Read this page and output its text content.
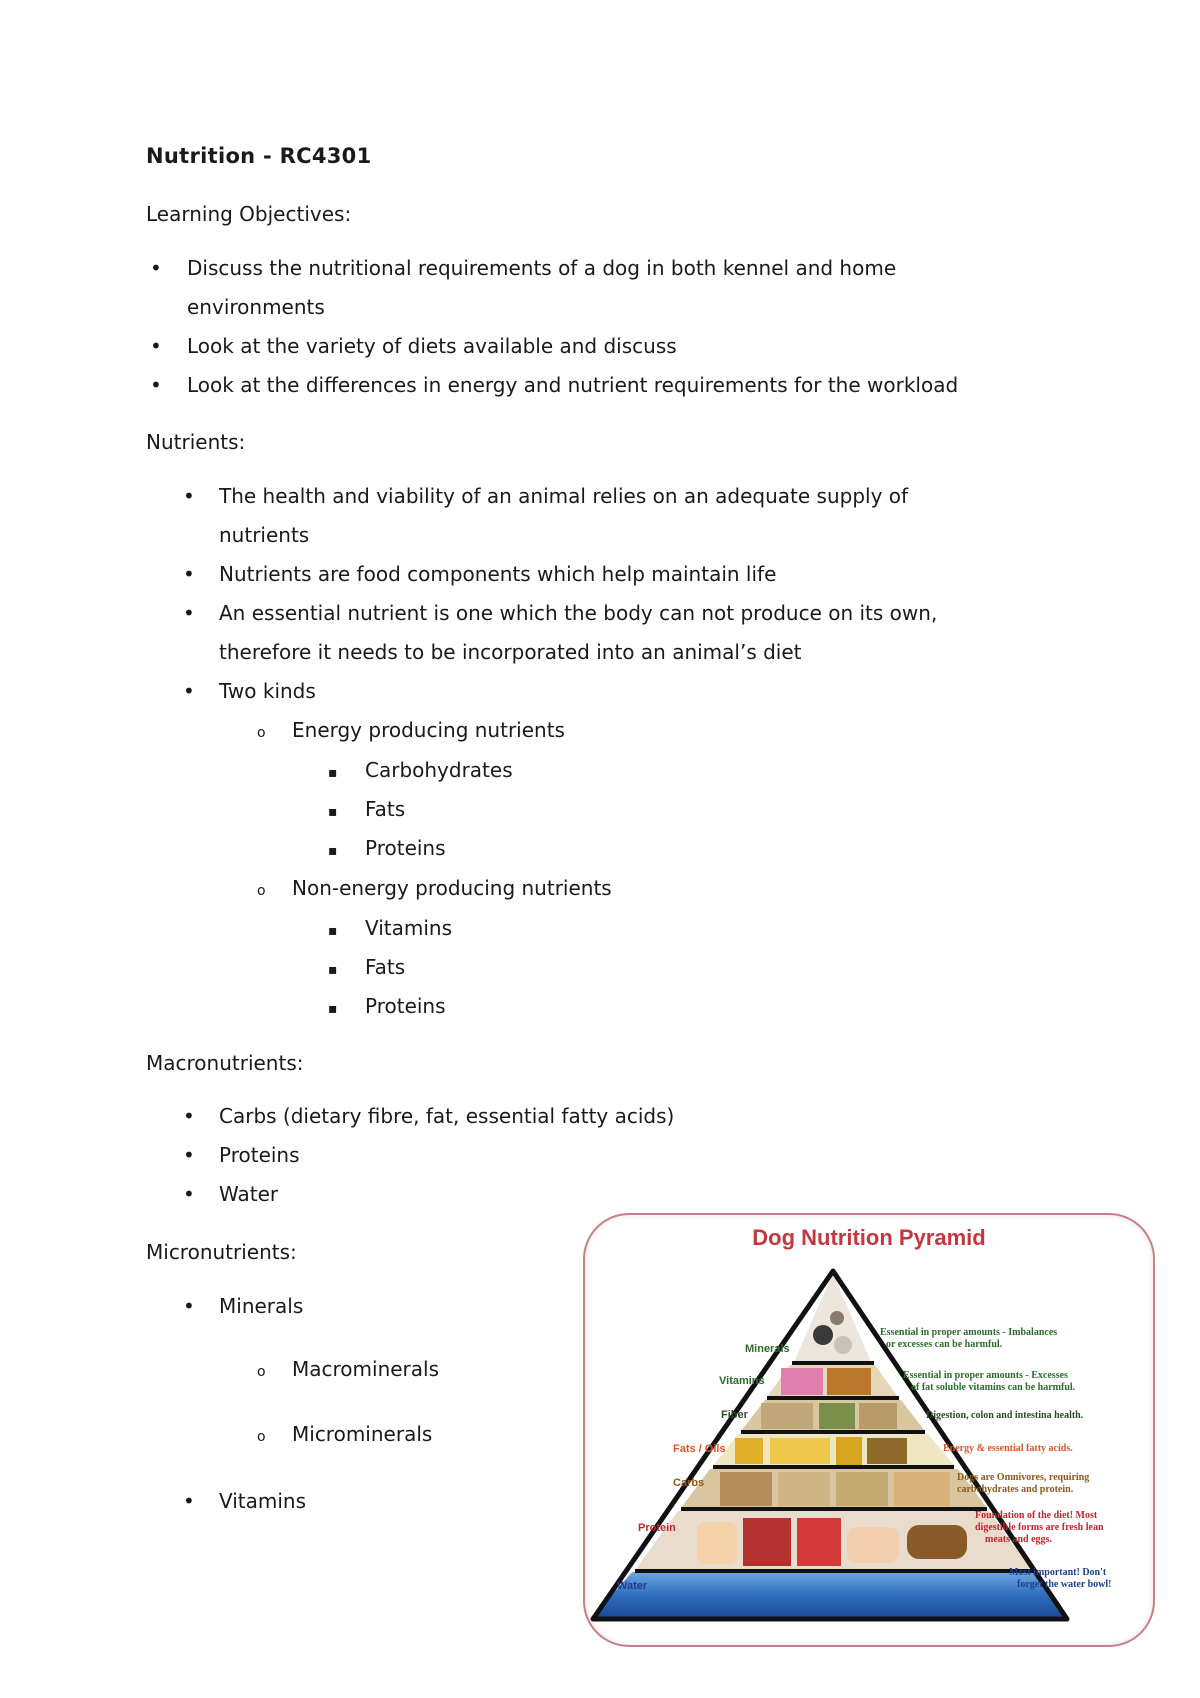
Nutrition - RC4301
Learning Objectives:
•
Discuss the nutritional requirements of a dog in both kennel and home
environments
•
Look at the variety of diets available and discuss
•
Look at the differences in energy and nutrient requirements for the workload
Nutrients:
•
The health and viability of an animal relies on an adequate supply of
nutrients
•
Nutrients are food components which help maintain life
•
An essential nutrient is one which the body can not produce on its own,
therefore it needs to be incorporated into an animal’s diet
•
Two kinds
o
Energy producing nutrients
▪
Carbohydrates
▪
Fats
▪
Proteins
o
Non-energy producing nutrients
▪
Vitamins
▪
Fats
▪
Proteins
Macronutrients:
•
Carbs (dietary fibre, fat, essential fatty acids)
•
Proteins
•
Water
Micronutrients:
•
Minerals
o
Macrominerals
o
Microminerals
•
Vitamins
Dog Nutrition Pyramid
Minerals
Vitamins
Fiber
Fats / Oils
Carbs
Protein
Water
Essential in proper amounts - Imbalances
or excesses can be harmful.
Essential in proper amounts - Excesses
of fat soluble vitamins can be harmful.
Digestion, colon and intestina health.
Energy & essential fatty acids.
Dogs are Omnivores, requiring
carbohydrates and protein.
Foundation of the diet! Most
digestible forms are fresh lean
meats and eggs.
Most important! Don't
forget the water bowl!
